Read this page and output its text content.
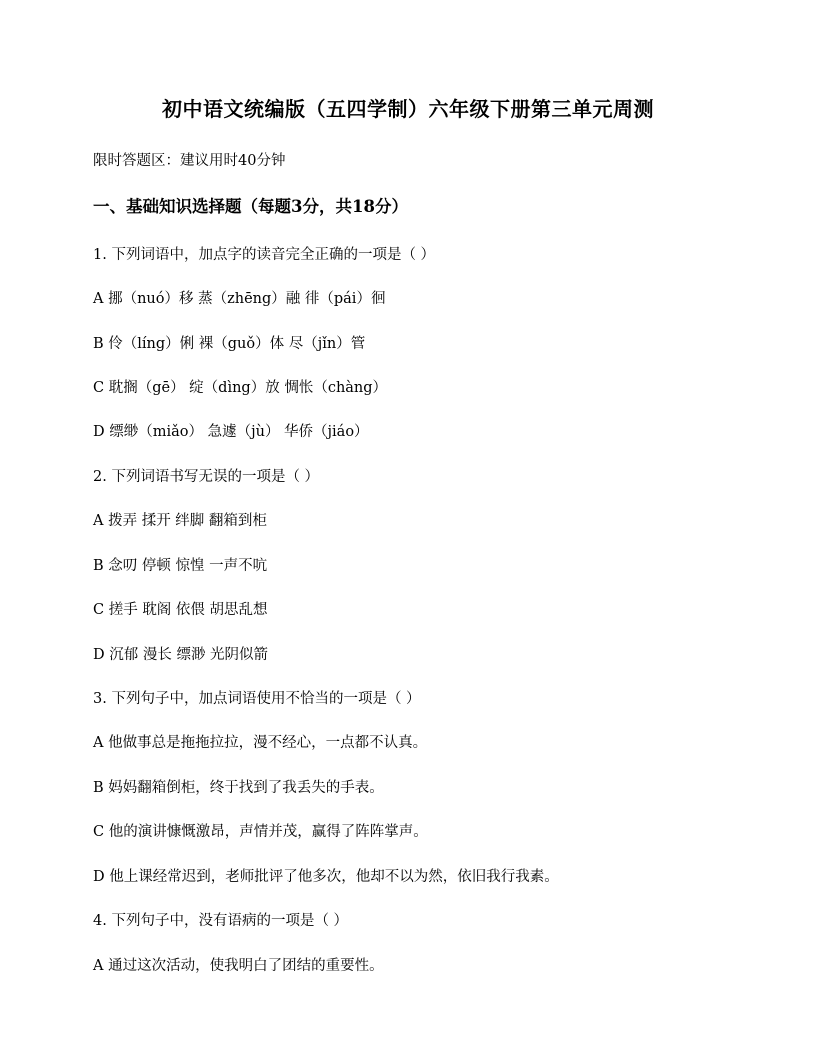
初中语文统编版（五四学制）六年级下册第三单元周测
限时答题区：建议用时40分钟
一、基础知识选择题（每题3分，共18分）
1. 下列词语中，加点字的读音完全正确的一项是（ ）
A 挪（nuó）移 蒸（zhēng）融 徘（pái）徊
B 伶（líng）俐 裸（guǒ）体 尽（jǐn）管
C 耽搁（gē） 绽（dìng）放 惆怅（chàng）
D 缥缈（miǎo） 急遽（jù） 华侨（jiáo）
2. 下列词语书写无误的一项是（ ）
A 拨弄 揉开 绊脚 翻箱到柜
B 念叨 停顿 惊惶 一声不吭
C 搓手 耽阁 依偎 胡思乱想
D 沉郁 漫长 缥渺 光阴似箭
3. 下列句子中，加点词语使用不恰当的一项是（ ）
A 他做事总是拖拖拉拉，漫不经心，一点都不认真。
B 妈妈翻箱倒柜，终于找到了我丢失的手表。
C 他的演讲慷慨激昂，声情并茂，赢得了阵阵掌声。
D 他上课经常迟到，老师批评了他多次，他却不以为然，依旧我行我素。
4. 下列句子中，没有语病的一项是（ ）
A 通过这次活动，使我明白了团结的重要性。
